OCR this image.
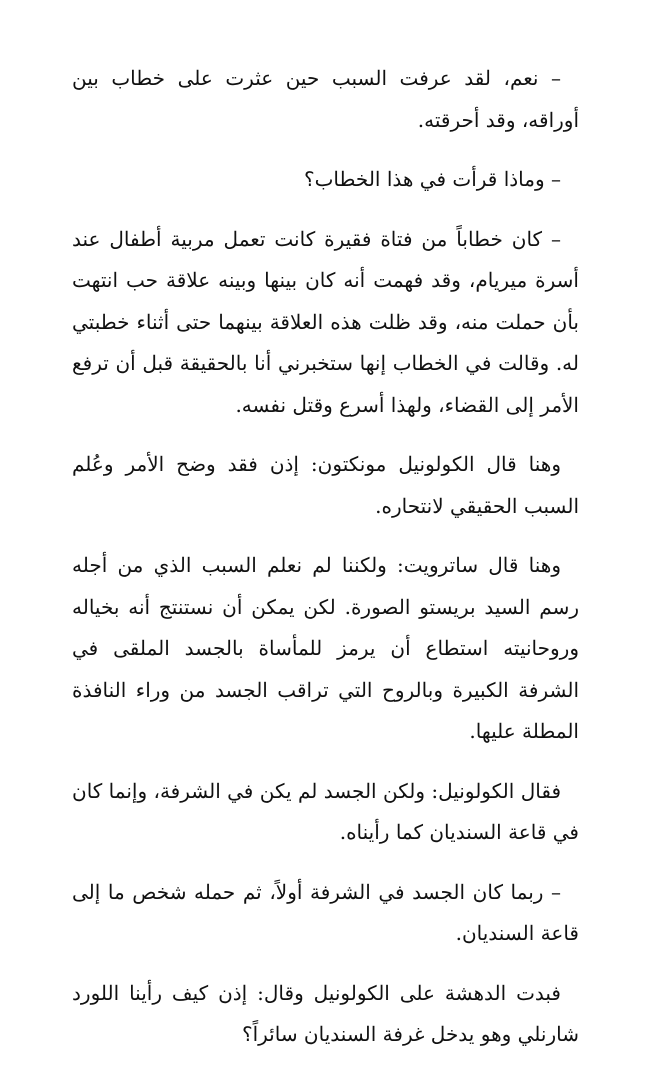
– نعم، لقد عرفت السبب حين عثرت على خطاب بين أوراقه، وقد أحرقته.

– وماذا قرأت في هذا الخطاب؟

– كان خطاباً من فتاة فقيرة كانت تعمل مربية أطفال عند أسرة ميريام، وقد فهمت أنه كان بينها وبينه علاقة حب انتهت بأن حملت منه، وقد ظلت هذه العلاقة بينهما حتى أثناء خطبتي له. وقالت في الخطاب إنها ستخبرني أنا بالحقيقة قبل أن ترفع الأمر إلى القضاء، ولهذا أسرع وقتل نفسه.

وهنا قال الكولونيل مونكتون: إذن فقد وضح الأمر وعُلم السبب الحقيقي لانتحاره.

وهنا قال ساترويت: ولكننا لم نعلم السبب الذي من أجله رسم السيد بريستو الصورة. لكن يمكن أن نستنتج أنه بخياله وروحانيته استطاع أن يرمز للمأساة بالجسد الملقى في الشرفة الكبيرة وبالروح التي تراقب الجسد من وراء النافذة المطلة عليها.

فقال الكولونيل: ولكن الجسد لم يكن في الشرفة، وإنما كان في قاعة السنديان كما رأيناه.

– ربما كان الجسد في الشرفة أولاً، ثم حمله شخص ما إلى قاعة السنديان.

فبدت الدهشة على الكولونيل وقال: إذن كيف رأينا اللورد شارنلي وهو يدخل غرفة السنديان سائراً؟
